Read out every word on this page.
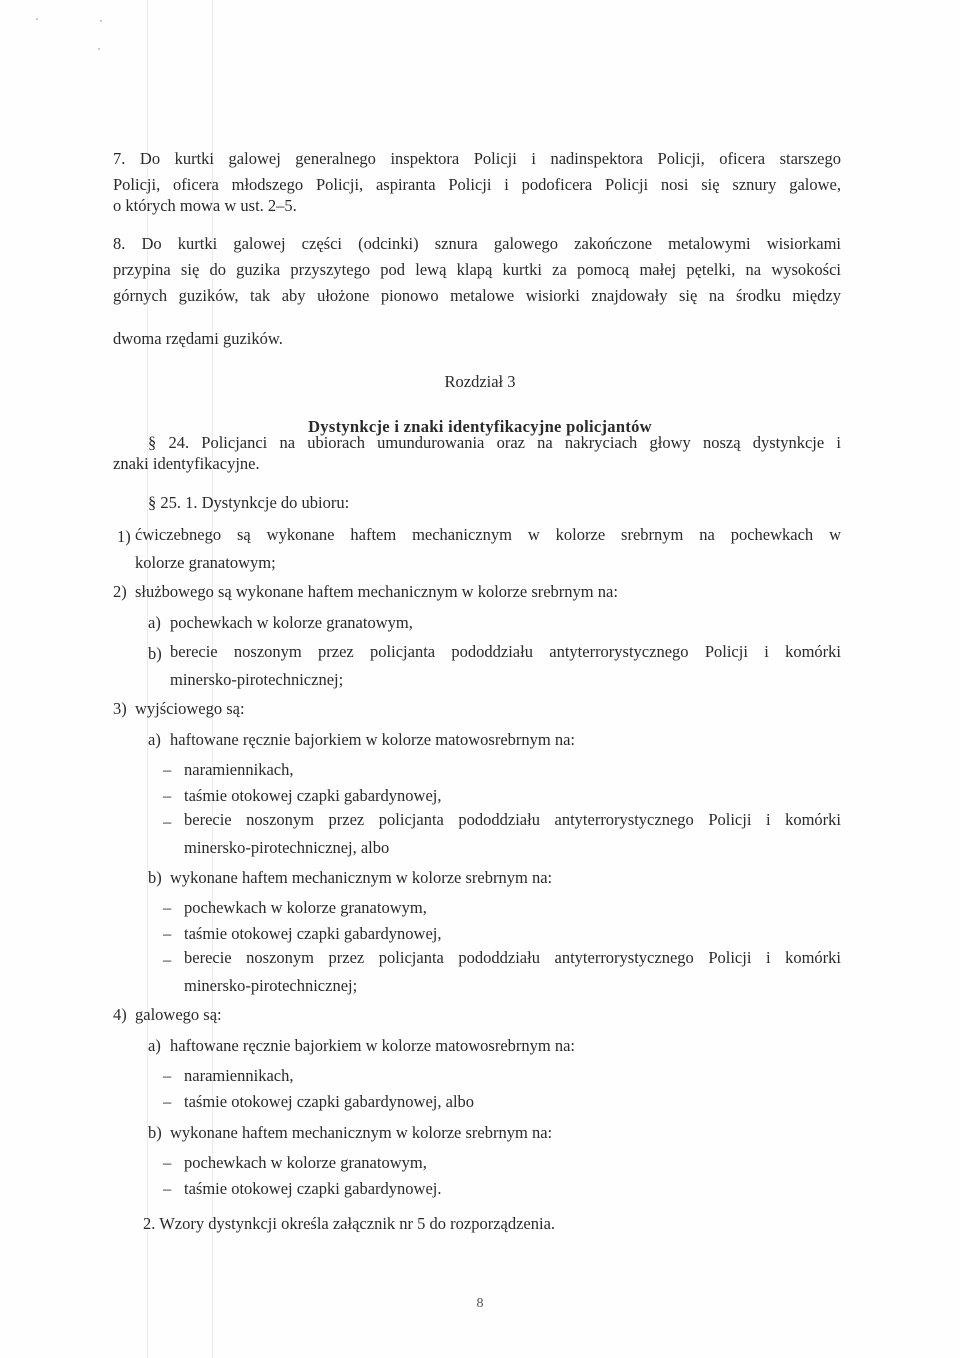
7. Do kurtki galowej generalnego inspektora Policji i nadinspektora Policji, oficera starszego
Policji, oficera młodszego Policji, aspiranta Policji i podoficera Policji nosi się sznury galowe,
o których mowa w ust. 2–5.
8. Do kurtki galowej części (odcinki) sznura galowego zakończone metalowymi wisiorkami
przypina się do guzika przyszytego pod lewą klapą kurtki za pomocą małej pętelki, na wysokości
górnych guzików, tak aby ułożone pionowo metalowe wisiorki znajdowały się na środku między
dwoma rzędami guzików.
Rozdział 3
Dystynkcje i znaki identyfikacyjne policjantów
§ 24. Policjanci na ubiorach umundurowania oraz na nakryciach głowy noszą dystynkcje i
znaki identyfikacyjne.
§ 25. 1. Dystynkcje do ubioru:
1) ćwiczebnego są wykonane haftem mechanicznym w kolorze srebrnym na pochewkach w
kolorze granatowym;
2) służbowego są wykonane haftem mechanicznym w kolorze srebrnym na:
a) pochewkach w kolorze granatowym,
b) berecie noszonym przez policjanta pododdziału antyterrorystycznego Policji i komórki
minersko-pirotechnicznej;
3) wyjściowego są:
a) haftowane ręcznie bajorkiem w kolorze matowosrebrnym na:
– naramiennikach,
– taśmie otokowej czapki gabardynowej,
– berecie noszonym przez policjanta pododdziału antyterrorystycznego Policji i komórki
minersko-pirotechnicznej, albo
b) wykonane haftem mechanicznym w kolorze srebrnym na:
– pochewkach w kolorze granatowym,
– taśmie otokowej czapki gabardynowej,
– berecie noszonym przez policjanta pododdziału antyterrorystycznego Policji i komórki
minersko-pirotechnicznej;
4) galowego są:
a) haftowane ręcznie bajorkiem w kolorze matowosrebrnym na:
– naramiennikach,
– taśmie otokowej czapki gabardynowej, albo
b) wykonane haftem mechanicznym w kolorze srebrnym na:
– pochewkach w kolorze granatowym,
– taśmie otokowej czapki gabardynowej.
2. Wzory dystynkcji określa załącznik nr 5 do rozporządzenia.
8
